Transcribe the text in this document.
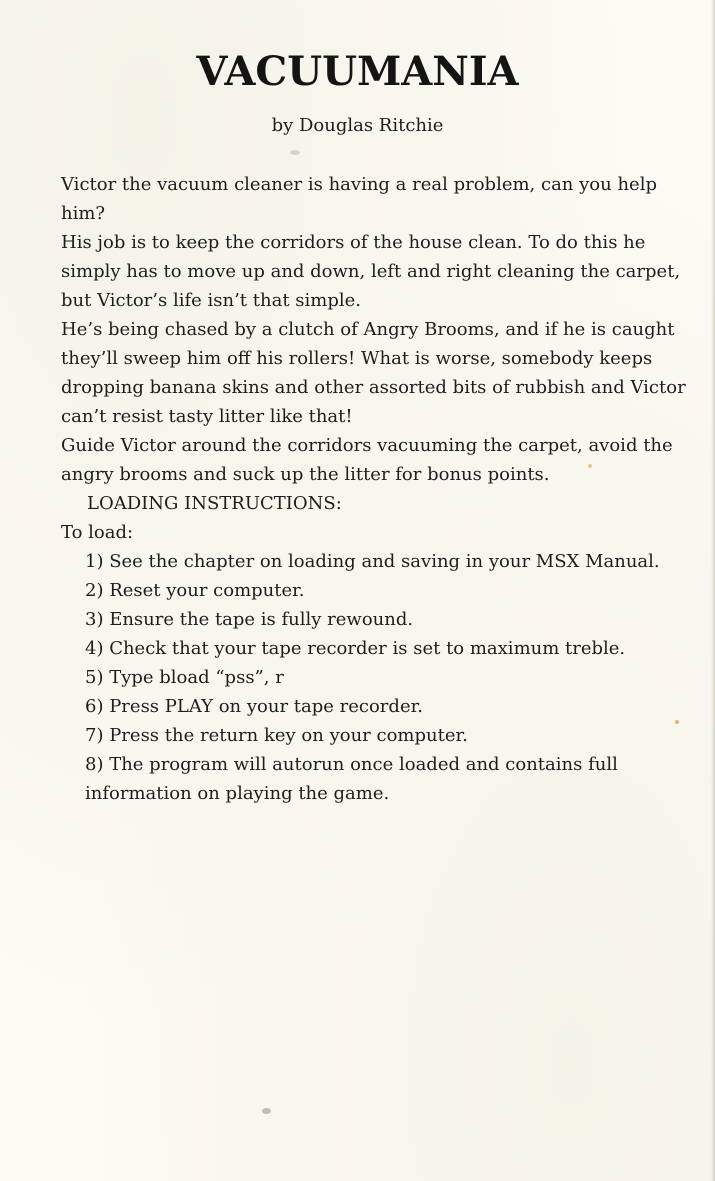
VACUUMANIA
by Douglas Ritchie

Victor the vacuum cleaner is having a real problem, can you help him?

His job is to keep the corridors of the house clean. To do this he simply has to move up and down, left and right cleaning the carpet, but Victor’s life isn’t that simple.

He’s being chased by a clutch of Angry Brooms, and if he is caught they’ll sweep him off his rollers! What is worse, somebody keeps dropping banana skins and other assorted bits of rubbish and Victor can’t resist tasty litter like that!

Guide Victor around the corridors vacuuming the carpet, avoid the angry brooms and suck up the litter for bonus points.

LOADING INSTRUCTIONS:

To load:

1) See the chapter on loading and saving in your MSX Manual.
2) Reset your computer.
3) Ensure the tape is fully rewound.
4) Check that your tape recorder is set to maximum treble.
5) Type bload “pss”, r
6) Press PLAY on your tape recorder.
7) Press the return key on your computer.
8) The program will autorun once loaded and contains full information on playing the game.
